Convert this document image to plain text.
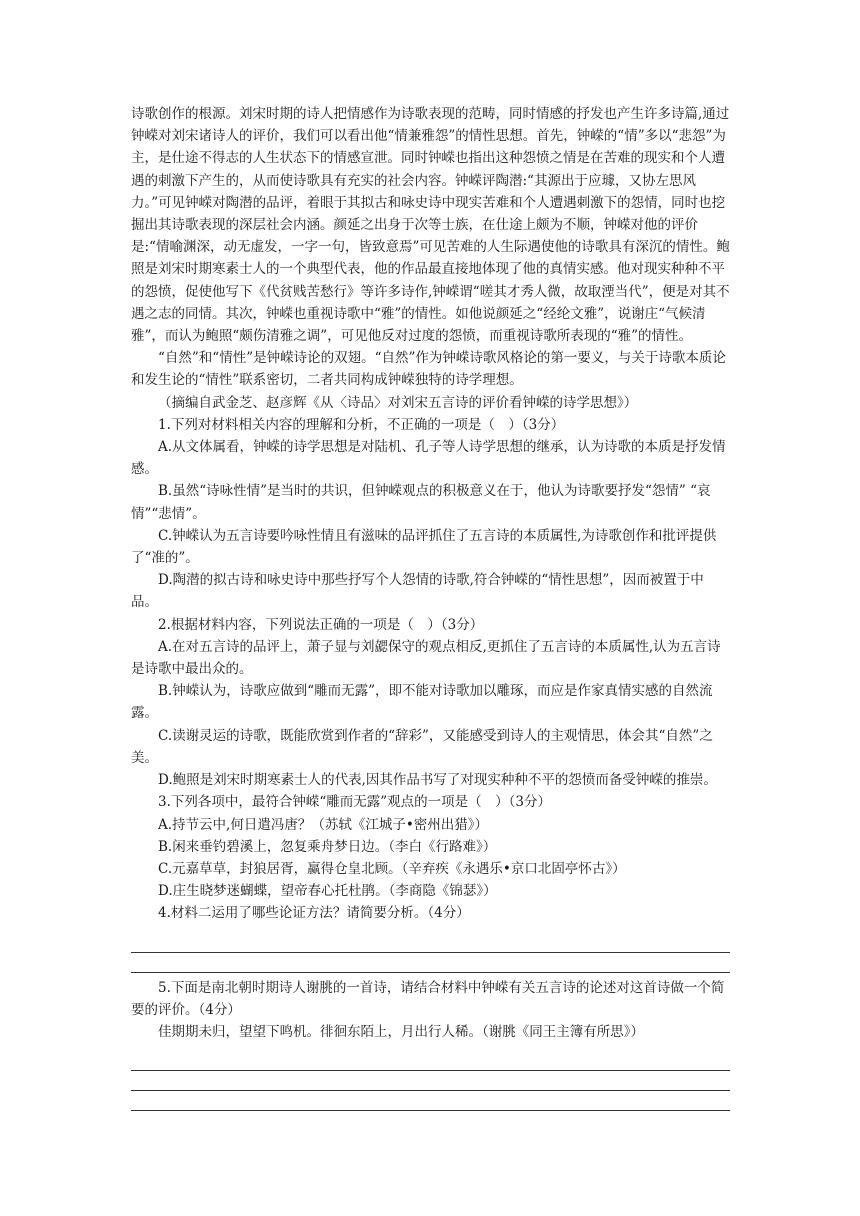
诗歌创作的根源。刘宋时期的诗人把情感作为诗歌表现的范畴，同时情感的抒发也产生许多诗篇,通过钟嵘对刘宋诸诗人的评价，我们可以看出他“情兼雅怨”的情性思想。首先，钟嵘的“情”多以“悲怨”为主，是仕途不得志的人生状态下的情感宣泄。同时钟嵘也指出这种怨愤之情是在苦难的现实和个人遭遇的刺激下产生的，从而使诗歌具有充实的社会内容。钟嵘评陶潜:“其源出于应璩，又协左思风力。”可见钟嵘对陶潜的品评，着眼于其拟古和咏史诗中现实苦难和个人遭遇刺激下的怨情，同时也挖掘出其诗歌表现的深层社会内涵。颜延之出身于次等士族，在仕途上颇为不顺，钟嵘对他的评价是:“情喻渊深，动无虚发，一字一句，皆致意焉”可见苦难的人生际遇使他的诗歌具有深沉的情性。鲍照是刘宋时期寒素士人的一个典型代表，他的作品最直接地体现了他的真情实感。他对现实种种不平的怨愤，促使他写下《代贫贱苦愁行》等许多诗作,钟嵘谓“嗟其才秀人微，故取湮当代”，便是对其不遇之志的同情。其次，钟嵘也重视诗歌中“雅”的情性。如他说颜延之“经纶文雅”，说谢庄“气候清雅”，而认为鲍照“颇伤清雅之调”，可见他反对过度的怨愤，而重视诗歌所表现的“雅”的情性。

“自然”和“情性”是钟嵘诗论的双翅。“自然”作为钟嵘诗歌风格论的第一要义，与关于诗歌本质论和发生论的“情性”联系密切，二者共同构成钟嵘独特的诗学理想。

（摘编自武金芝、赵彦辉《从〈诗品〉对刘宋五言诗的评价看钟嵘的诗学思想》）

1.下列对材料相关内容的理解和分析，不正确的一项是（　）（3分）

A.从文体属看，钟嵘的诗学思想是对陆机、孔子等人诗学思想的继承，认为诗歌的本质是抒发情感。

B.虽然“诗咏性情”是当时的共识，但钟嵘观点的积极意义在于，他认为诗歌要抒发“怨情” “哀情”“悲情”。

C.钟嵘认为五言诗要吟咏性情且有滋味的品评抓住了五言诗的本质属性,为诗歌创作和批评提供了“准的”。

D.陶潜的拟古诗和咏史诗中那些抒写个人怨情的诗歌,符合钟嵘的“情性思想”，因而被置于中品。

2.根据材料内容，下列说法正确的一项是（　）（3分）

A.在对五言诗的品评上，萧子显与刘勰保守的观点相反,更抓住了五言诗的本质属性,认为五言诗是诗歌中最出众的。

B.钟嵘认为，诗歌应做到“雕而无露”，即不能对诗歌加以雕琢，而应是作家真情实感的自然流露。

C.读谢灵运的诗歌，既能欣赏到作者的“辞彩”，又能感受到诗人的主观情思，体会其“自然”之美。

D.鲍照是刘宋时期寒素士人的代表,因其作品书写了对现实种种不平的怨愤而备受钟嵘的推崇。

3.下列各项中，最符合钟嵘“雕而无露”观点的一项是（　）（3分）

A.持节云中,何日遣冯唐？（苏轼《江城子•密州出猎》）

B.闲来垂钓碧溪上，忽复乘舟梦日边。（李白《行路难》）

C.元嘉草草，封狼居胥，赢得仓皇北顾。（辛弃疾《永遇乐•京口北固亭怀古》）

D.庄生晓梦迷蝴蝶，望帝春心托杜鹃。（李商隐《锦瑟》）

4.材料二运用了哪些论证方法？请简要分析。（4分）

5.下面是南北朝时期诗人谢朓的一首诗，请结合材料中钟嵘有关五言诗的论述对这首诗做一个简要的评价。（4分）

佳期期未归，望望下鸣机。徘徊东陌上，月出行人稀。（谢朓《同王主簿有所思》）
